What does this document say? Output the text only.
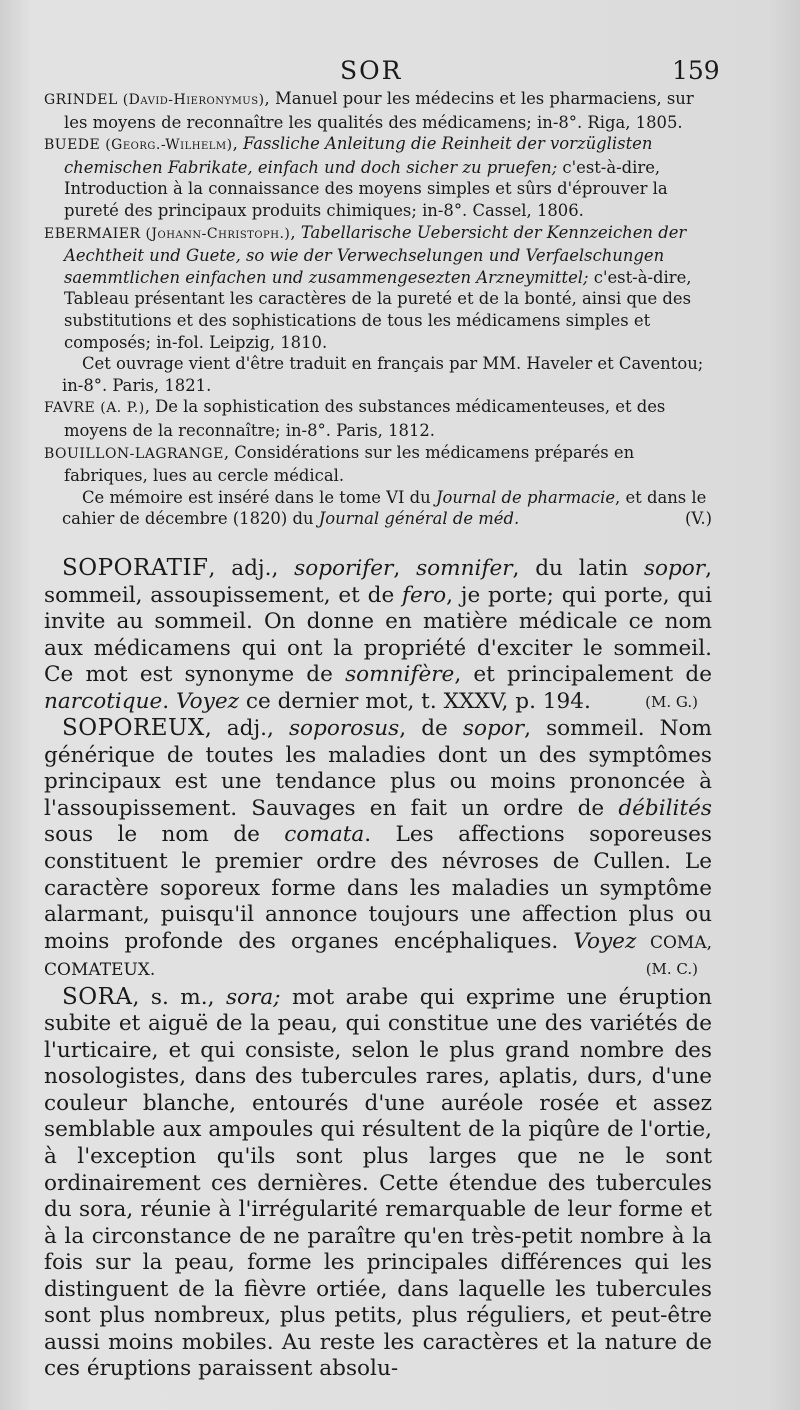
SOR	159

GRINDEL (David-Hieronymus), Manuel pour les médecins et les pharmaciens, sur les moyens de reconnaître les qualités des médicamens; in-8°. Riga, 1805.

BUEDE (Georg.-Wilhelm), Fassliche Anleitung die Reinheit der vorzüglisten chemischen Fabrikate, einfach und doch sicher zu pruefen; c'est-à-dire, Introduction à la connaissance des moyens simples et sûrs d'éprouver la pureté des principaux produits chimiques; in-8°. Cassel, 1806.

EBERMAIER (Johann-Christoph.), Tabellarische Uebersicht der Kennzeichen der Aechtheit und Guete, so wie der Verwechselungen und Verfaelschungen saemmtlichen einfachen und zusammengesezten Arzneymittel; c'est-à-dire, Tableau présentant les caractères de la pureté et de la bonté, ainsi que des substitutions et des sophistications de tous les médicamens simples et composés; in-fol. Leipzig, 1810.

Cet ouvrage vient d'être traduit en français par MM. Haveler et Caventou; in-8°. Paris, 1821.

FAVRE (A. P.), De la sophistication des substances médicamenteuses, et des moyens de la reconnaître; in-8°. Paris, 1812.

BOUILLON-LAGRANGE, Considérations sur les médicamens préparés en fabriques, lues au cercle médical.

Ce mémoire est inséré dans le tome VI du Journal de pharmacie, et dans le cahier de décembre (1820) du Journal général de méd.	(V.)

SOPORATIF, adj., soporifer, somnifer, du latin sopor, sommeil, assoupissement, et de fero, je porte; qui porte, qui invite au sommeil. On donne en matière médicale ce nom aux médicamens qui ont la propriété d'exciter le sommeil. Ce mot est synonyme de somnifère, et principalement de narcotique. Voyez ce dernier mot, t. XXXV, p. 194.	(M. G.)

SOPOREUX, adj., soporosus, de sopor, sommeil. Nom générique de toutes les maladies dont un des symptômes principaux est une tendance plus ou moins prononcée à l'assoupissement. Sauvages en fait un ordre de débilités sous le nom de comata. Les affections soporeuses constituent le premier ordre des névroses de Cullen. Le caractère soporeux forme dans les maladies un symptôme alarmant, puisqu'il annonce toujours une affection plus ou moins profonde des organes encéphaliques. Voyez COMA, COMATEUX.	(M. C.)

SORA, s. m., sora; mot arabe qui exprime une éruption subite et aiguë de la peau, qui constitue une des variétés de l'urticaire, et qui consiste, selon le plus grand nombre des nosologistes, dans des tubercules rares, aplatis, durs, d'une couleur blanche, entourés d'une auréole rosée et assez semblable aux ampoules qui résultent de la piqûre de l'ortie, à l'exception qu'ils sont plus larges que ne le sont ordinairement ces dernières. Cette étendue des tubercules du sora, réunie à l'irrégularité remarquable de leur forme et à la circonstance de ne paraître qu'en très-petit nombre à la fois sur la peau, forme les principales différences qui les distinguent de la fièvre ortiée, dans laquelle les tubercules sont plus nombreux, plus petits, plus réguliers, et peut-être aussi moins mobiles. Au reste les caractères et la nature de ces éruptions paraissent absolu-
